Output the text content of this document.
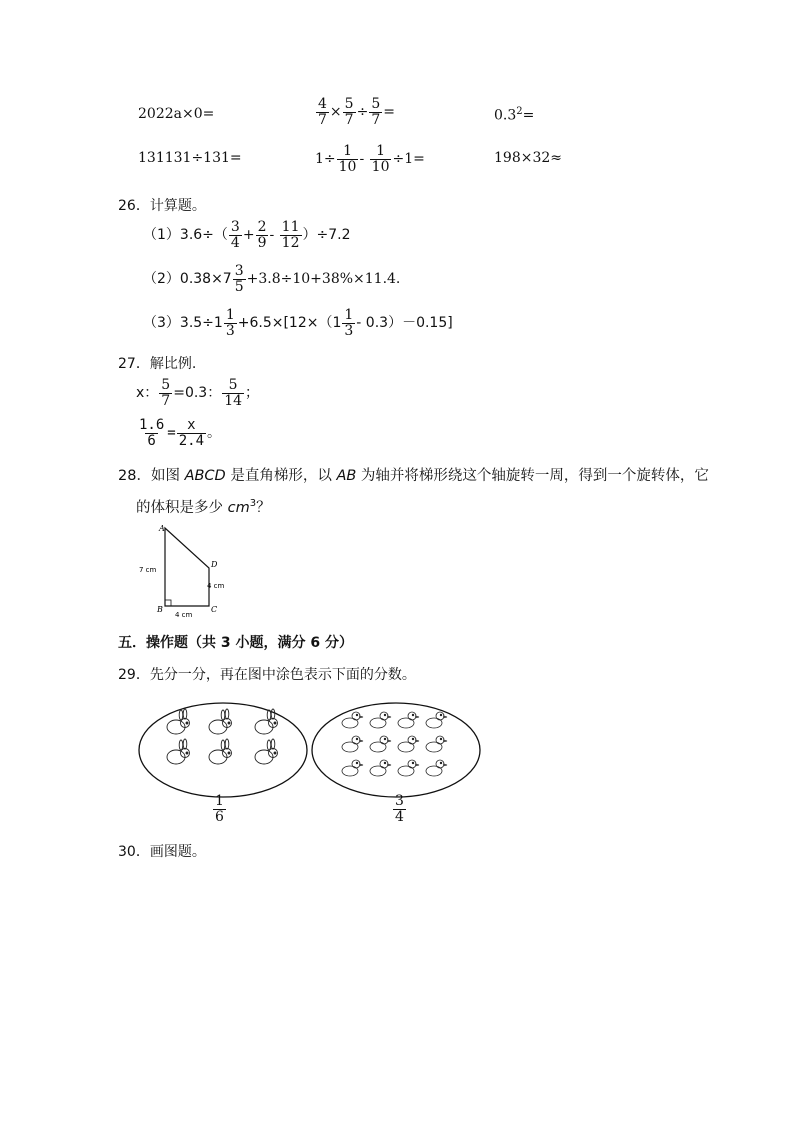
2022a×0=	$\frac{4}{7} \times \frac{5}{7} \div \frac{5}{7}$ =	$0.3^2=$
131131÷131=	$1\div \frac{1}{10} - \frac{1}{10} \div 1=$	198×32≈
26．计算题。
$(1)3.6\div( \frac{3}{4} + \frac{2}{9} - \frac{11}{12} )\div 7.2$
$(2)0.38\times 7 \frac{3}{5} +3.8\div 10+38\%\times 11.4$.
$(3)3.5\div 1 \frac{1}{3} +6.5\times[12\times(1 \frac{1}{3} - 0.3)-0.15]$
27．解比例.
x： $\frac{5}{7} =0.3$： $\frac{5}{14}$ ；
$\frac{1.6}{6} = \frac{x}{2.4}$ 。
28．如图 ABCD 是直角梯形，以 AB 为轴并将梯形绕这个轴旋转一周，得到一个旋转体，它
的体积是多少 $cm^3$？
A
B	C
D
7 cm
4 cm
4 cm
五．操作题（共 3 小题，满分 6 分）
29．先分一分，再在图中涂色表示下面的分数。
$\frac{1}{6}$	$\frac{3}{4}$
30．画图题。
